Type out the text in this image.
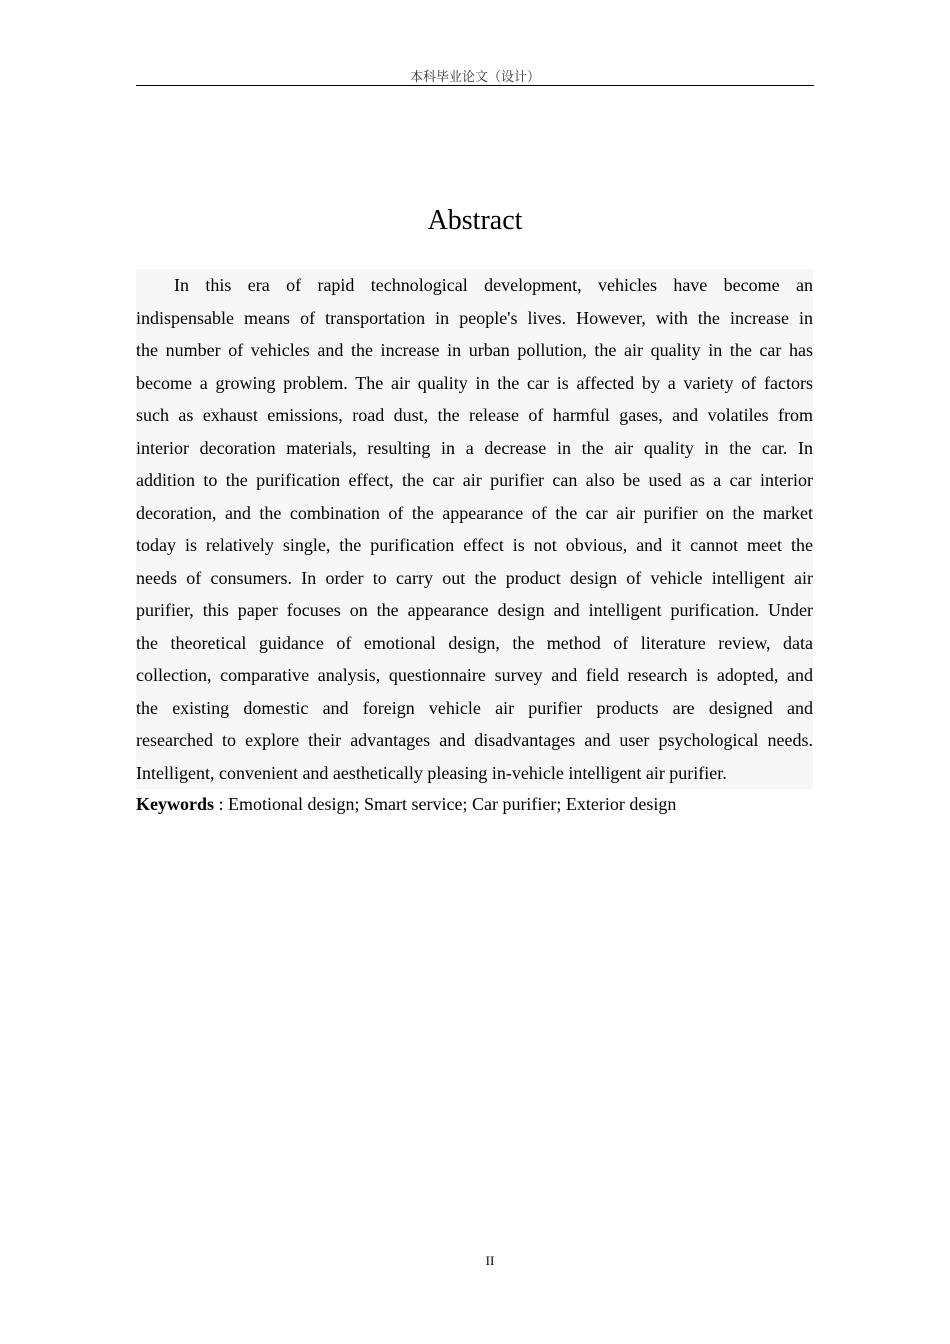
本科毕业论文（设计）
Abstract
In this era of rapid technological development, vehicles have become an
indispensable means of transportation in people's lives. However, with the increase in
the number of vehicles and the increase in urban pollution, the air quality in the car has
become a growing problem. The air quality in the car is affected by a variety of factors
such as exhaust emissions, road dust, the release of harmful gases, and volatiles from
interior decoration materials, resulting in a decrease in the air quality in the car. In
addition to the purification effect, the car air purifier can also be used as a car interior
decoration, and the combination of the appearance of the car air purifier on the market
today is relatively single, the purification effect is not obvious, and it cannot meet the
needs of consumers. In order to carry out the product design of vehicle intelligent air
purifier, this paper focuses on the appearance design and intelligent purification. Under
the theoretical guidance of emotional design, the method of literature review, data
collection, comparative analysis, questionnaire survey and field research is adopted, and
the existing domestic and foreign vehicle air purifier products are designed and
researched to explore their advantages and disadvantages and user psychological needs.
Intelligent, convenient and aesthetically pleasing in-vehicle intelligent air purifier.
Keywords : Emotional design; Smart service; Car purifier; Exterior design
II
